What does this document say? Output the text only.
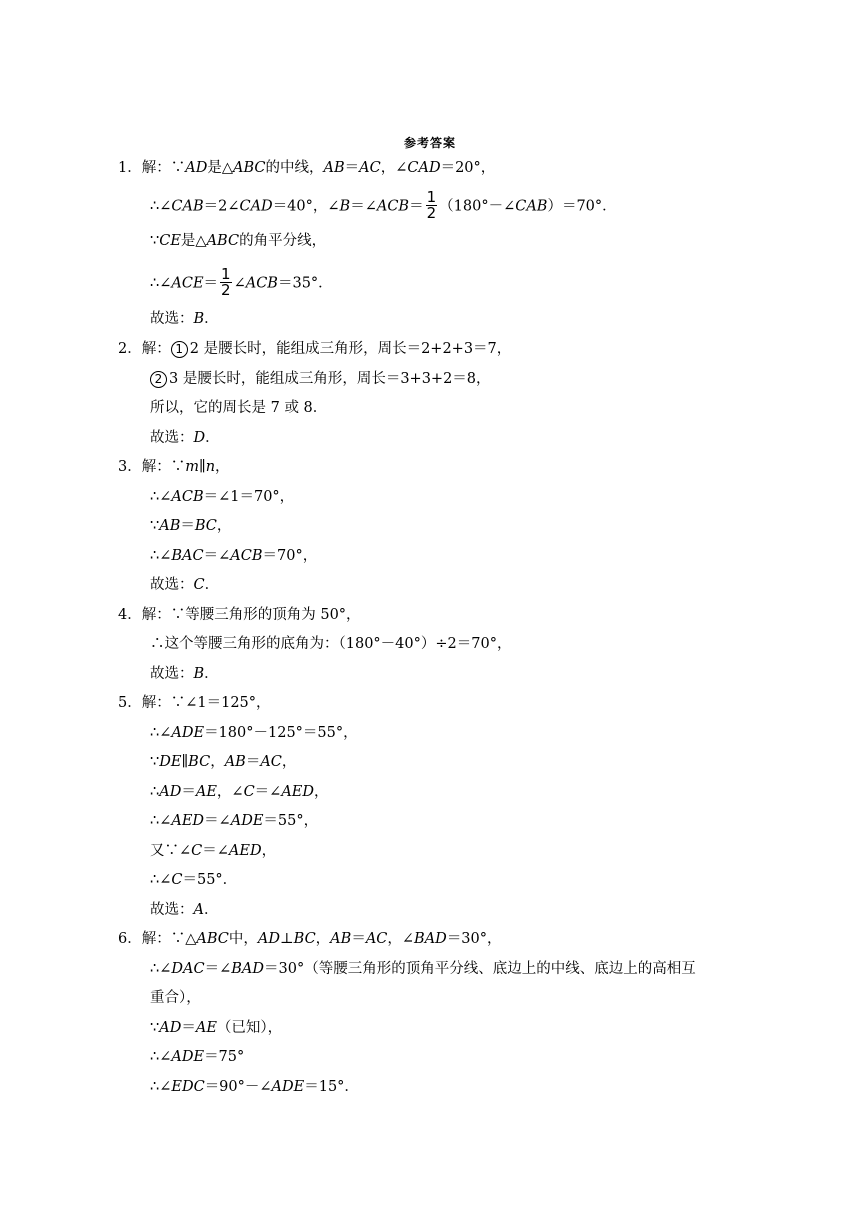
参考答案
1．解：∵AD是△ABC的中线，AB＝AC，∠CAD＝20°，
∴∠CAB＝2∠CAD＝40°，∠B＝∠ACB＝ $\frac{1}{2}$ （180°－∠CAB）＝70°．
∵CE是△ABC的角平分线，
∴∠ACE＝ $\frac{1}{2}$ ∠ACB＝35°．
故选：B．
2．解： 1 2 是腰长时，能组成三角形，周长＝2+2+3＝7，
2 3 是腰长时，能组成三角形，周长＝3+3+2＝8，
所以，它的周长是 7 或 8．
故选：D．
3．解：∵m∥n，
∴∠ACB＝∠1＝70°，
∵AB＝BC，
∴∠BAC＝∠ACB＝70°，
故选：C．
4．解：∵等腰三角形的顶角为 50°，
∴这个等腰三角形的底角为：（180°－40°）÷2＝70°，
故选：B．
5．解：∵∠1＝125°，
∴∠ADE＝180°－125°＝55°，
∵DE∥BC，AB＝AC，
∴AD＝AE，∠C＝∠AED，
∴∠AED＝∠ADE＝55°，
又∵∠C＝∠AED，
∴∠C＝55°．
故选：A．
6．解：∵△ABC中，AD⊥BC，AB＝AC，∠BAD＝30°，
∴∠DAC＝∠BAD＝30°（等腰三角形的顶角平分线、底边上的中线、底边上的高相互
重合），
∵AD＝AE（已知），
∴∠ADE＝75°
∴∠EDC＝90°－∠ADE＝15°．
